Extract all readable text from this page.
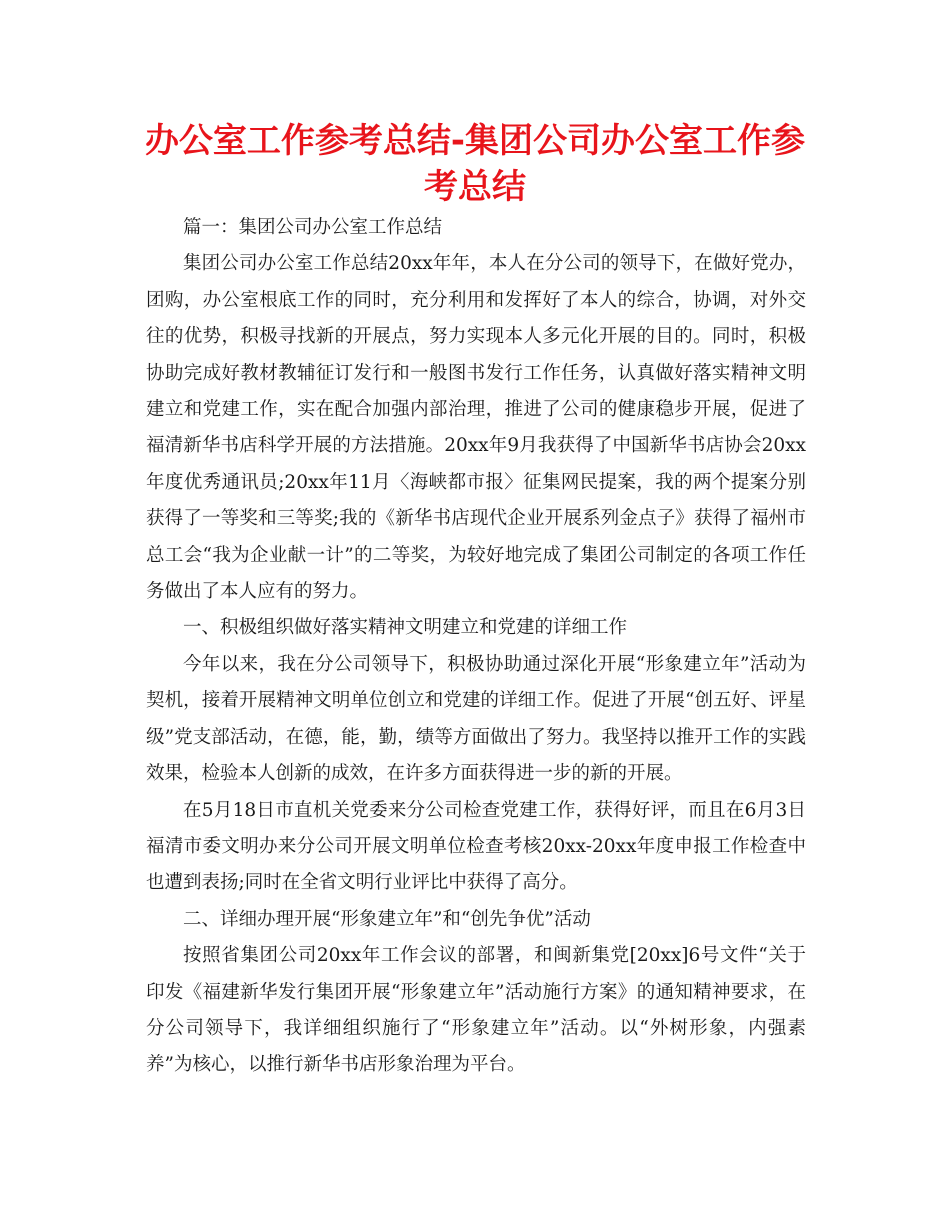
办公室工作参考总结-集团公司办公室工作参考总结

篇一：集团公司办公室工作总结

集团公司办公室工作总结20xx年年，本人在分公司的领导下，在做好党办，团购，办公室根底工作的同时，充分利用和发挥好了本人的综合，协调，对外交往的优势，积极寻找新的开展点，努力实现本人多元化开展的目的。同时，积极协助完成好教材教辅征订发行和一般图书发行工作任务，认真做好落实精神文明建立和党建工作，实在配合加强内部治理，推进了公司的健康稳步开展，促进了福清新华书店科学开展的方法措施。20xx年9月我获得了中国新华书店协会20xx年度优秀通讯员;20xx年11月〈海峡都市报〉征集网民提案，我的两个提案分别获得了一等奖和三等奖;我的《新华书店现代企业开展系列金点子》获得了福州市总工会“我为企业献一计”的二等奖，为较好地完成了集团公司制定的各项工作任务做出了本人应有的努力。

一、积极组织做好落实精神文明建立和党建的详细工作

今年以来，我在分公司领导下，积极协助通过深化开展“形象建立年”活动为契机，接着开展精神文明单位创立和党建的详细工作。促进了开展“创五好、评星级”党支部活动，在德，能，勤，绩等方面做出了努力。我坚持以推开工作的实践效果，检验本人创新的成效，在许多方面获得进一步的新的开展。

在5月18日市直机关党委来分公司检查党建工作，获得好评，而且在6月3日福清市委文明办来分公司开展文明单位检查考核20xx-20xx年度申报工作检查中也遭到表扬;同时在全省文明行业评比中获得了高分。

二、详细办理开展“形象建立年”和“创先争优”活动

按照省集团公司20xx年工作会议的部署，和闽新集党[20xx]6号文件“关于印发《福建新华发行集团开展“形象建立年”活动施行方案》的通知精神要求，在分公司领导下，我详细组织施行了“形象建立年”活动。以“外树形象，内强素养”为核心，以推行新华书店形象治理为平台。
